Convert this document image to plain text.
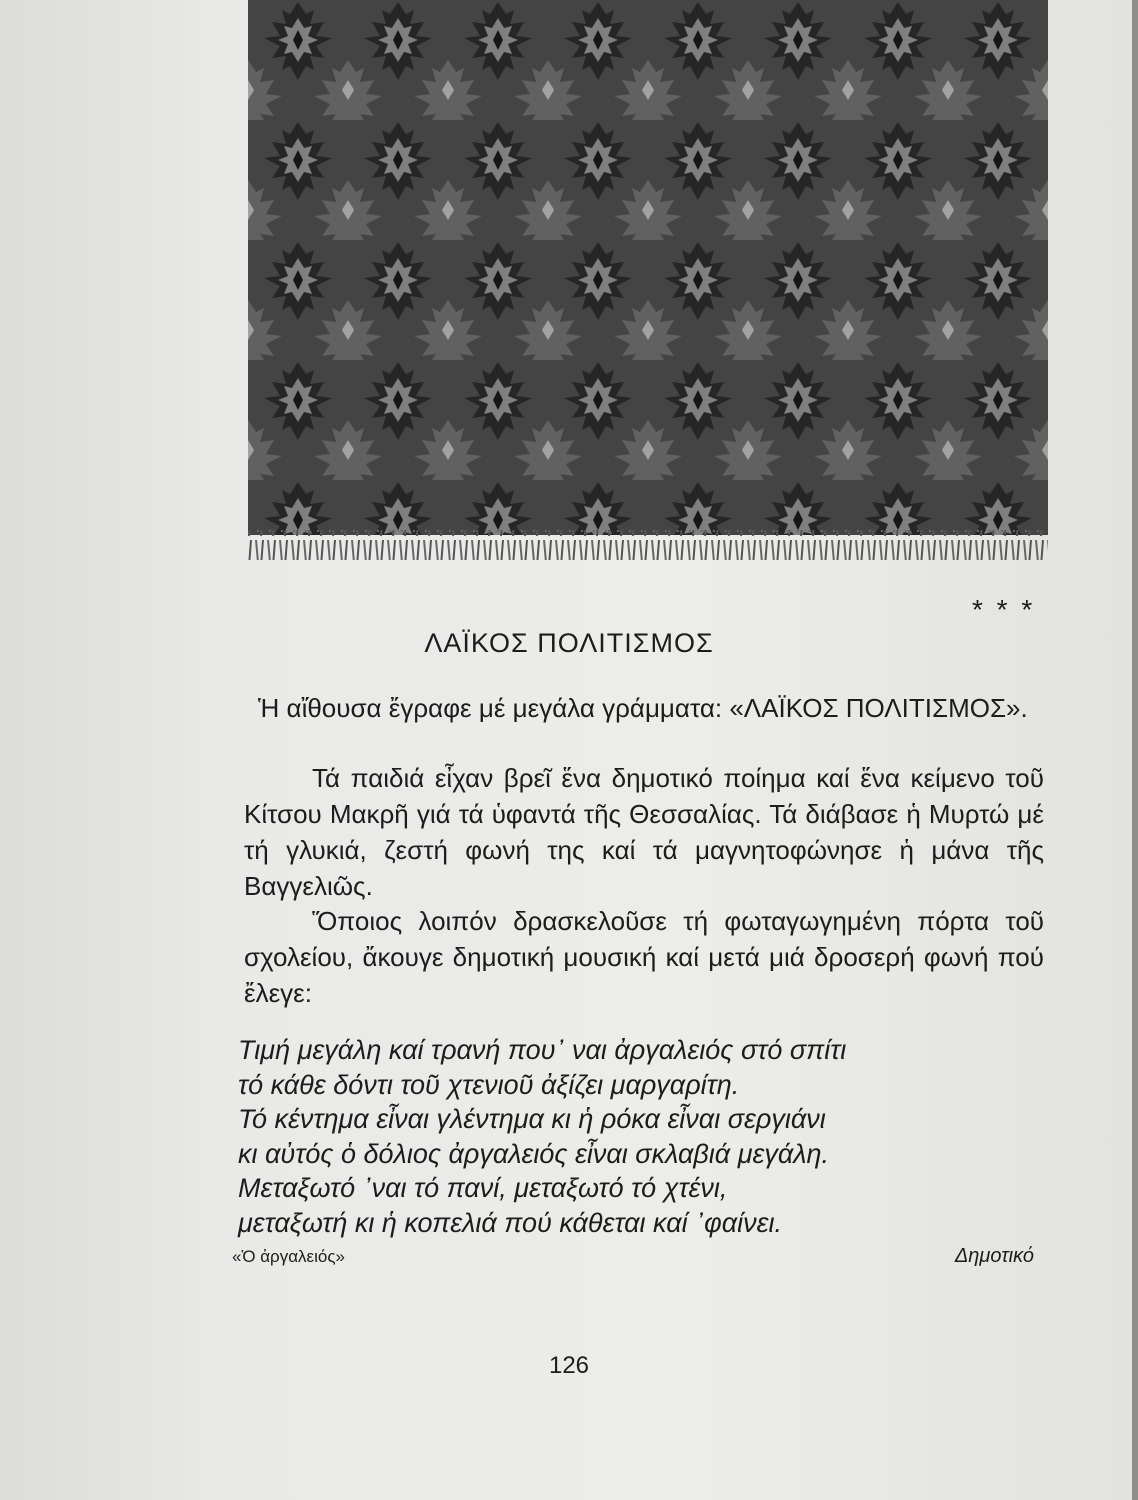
* * *
ΛΑΪΚΟΣ ΠΟΛΙΤΙΣΜΟΣ
Ἡ αἴθουσα ἔγραφε μέ μεγάλα γράμματα: «ΛΑΪΚΟΣ ΠΟΛΙΤΙΣΜΟΣ».
Τά παιδιά εἶχαν βρεῖ ἕνα δημοτικό ποίημα καί ἕνα κείμενο τοῦ Κίτσου Μακρῆ γιά τά ὑφαντά τῆς Θεσσαλίας. Τά διάβασε ἡ Μυρτώ μέ τή γλυκιά, ζεστή φωνή της καί τά μαγνητοφώνησε ἡ μάνα τῆς Βαγγελιῶς.
Ὅποιος λοιπόν δρασκελοῦσε τή φωταγωγημένη πόρτα τοῦ σχολείου, ἄκουγε δημοτική μουσική καί μετά μιά δροσερή φωνή πού ἔλεγε:
Τιμή μεγάλη καί τρανή που᾽ ναι ἀργαλειός στό σπίτι
τό κάθε δόντι τοῦ χτενιοῦ ἀξίζει μαργαρίτη.
Τό κέντημα εἶναι γλέντημα κι ἡ ρόκα εἶναι σεργιάνι
κι αὐτός ὁ δόλιος ἀργαλειός εἶναι σκλαβιά μεγάλη.
Μεταξωτό ᾽ναι τό πανί, μεταξωτό τό χτένι,
μεταξωτή κι ἡ κοπελιά πού κάθεται καί ᾽φαίνει.
«Ὁ ἀργαλειός»	Δημοτικό
126
